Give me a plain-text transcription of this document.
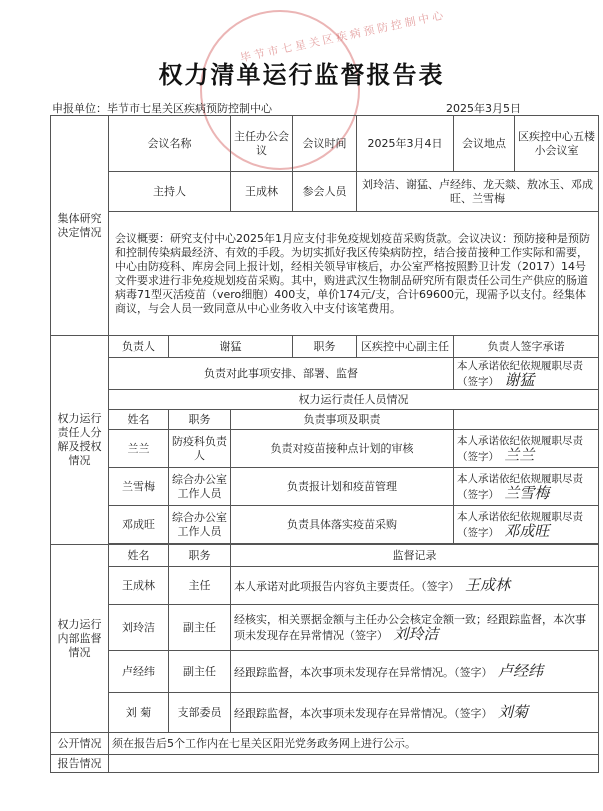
毕节市七星关区疾病预防控制中心
权力清单运行监督报告表
申报单位：毕节市七星关区疾病预防控制中心	2025年3月5日
集体研究决定情况	会议名称		主任办公会议	会议时间	2025年3月4日	会议地点	区疾控中心五楼小会议室
	主持人		王成林	参会人员	刘玲洁、谢猛、卢经纬、龙天燚、敖冰玉、邓成旺、兰雪梅		
	会议概要：研究支付中心2025年1月应支付非免疫规划疫苗采购货款。会议决议：预防接种是预防和控制传染病最经济、有效的手段。为切实抓好我区传染病防控，结合接苗接种工作实际和需要，中心由防疫科、库房会同上报计划，经相关领导审核后，办公室严格按照黔卫计发（2017）14号文件要求进行非免疫规划疫苗采购。其中，购进武汉生物制品研究所有限责任公司生产供应的肠道病毒71型灭活疫苗（vero细胞）400支，单价174元/支，合计69600元，现需予以支付。经集体商议，与会人员一致同意从中心业务收入中支付该笔费用。						
权力运行责任人分解及授权情况	负责人	谢猛		职务	区疾控中心副主任	负责人签字承诺	
	负责对此事项安排、部署、监督					本人承诺依纪依规履职尽责（签字） 谢猛	
	权力运行责任人员情况						
	姓名	职务	负责事项及职责				
	兰兰	防疫科负责人	负责对疫苗接种点计划的审核			本人承诺依纪依规履职尽责（签字） 兰兰	
	兰雪梅	综合办公室工作人员	负责报计划和疫苗管理			本人承诺依纪依规履职尽责（签字） 兰雪梅	
	邓成旺	综合办公室工作人员	负责具体落实疫苗采购			本人承诺依纪依规履职尽责（签字） 邓成旺	

权力运行内部监督情况	姓名	职务	监督记录				
	王成林	主任	本人承诺对此项报告内容负主要责任。（签字） 王成林				
	刘玲洁	副主任	经核实，相关票据金额与主任办公会核定金额一致；经跟踪监督，本次事项未发现存在异常情况（签字） 刘玲洁				
	卢经纬	副主任	经跟踪监督，本次事项未发现存在异常情况。（签字） 卢经纬				
	刘 菊	支部委员	经跟踪监督，本次事项未发现存在异常情况。（签字） 刘菊				
公开情况	须在报告后5个工作内在七星关区阳光党务政务网上进行公示。						
报告情况							
